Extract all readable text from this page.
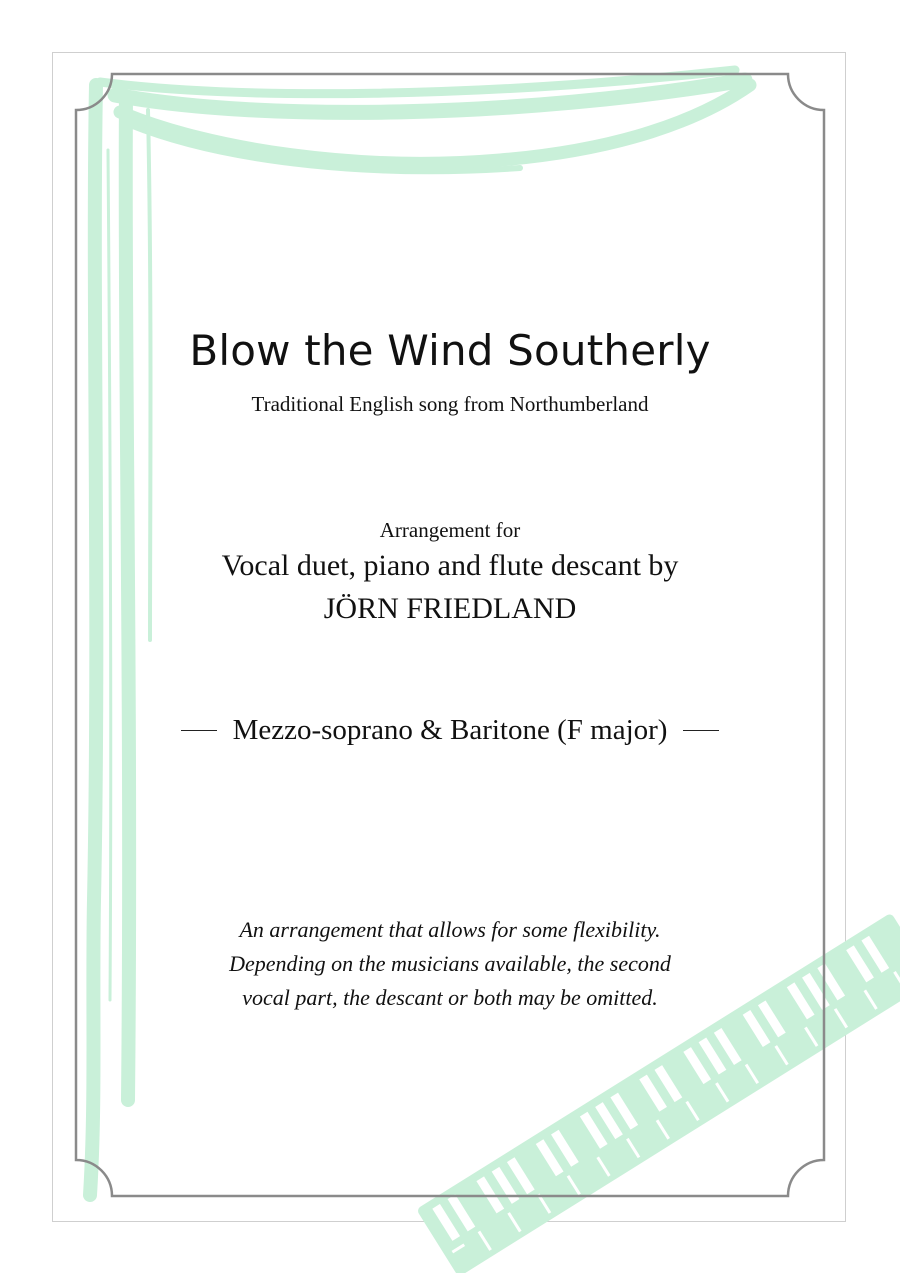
Blow the Wind Southerly
Traditional English song from Northumberland
Arrangement for
Vocal duet, piano and flute descant by
JÖRN FRIEDLAND
Mezzo-soprano & Baritone (F major)
An arrangement that allows for some flexibility.
Depending on the musicians available, the second
vocal part, the descant or both may be omitted.
